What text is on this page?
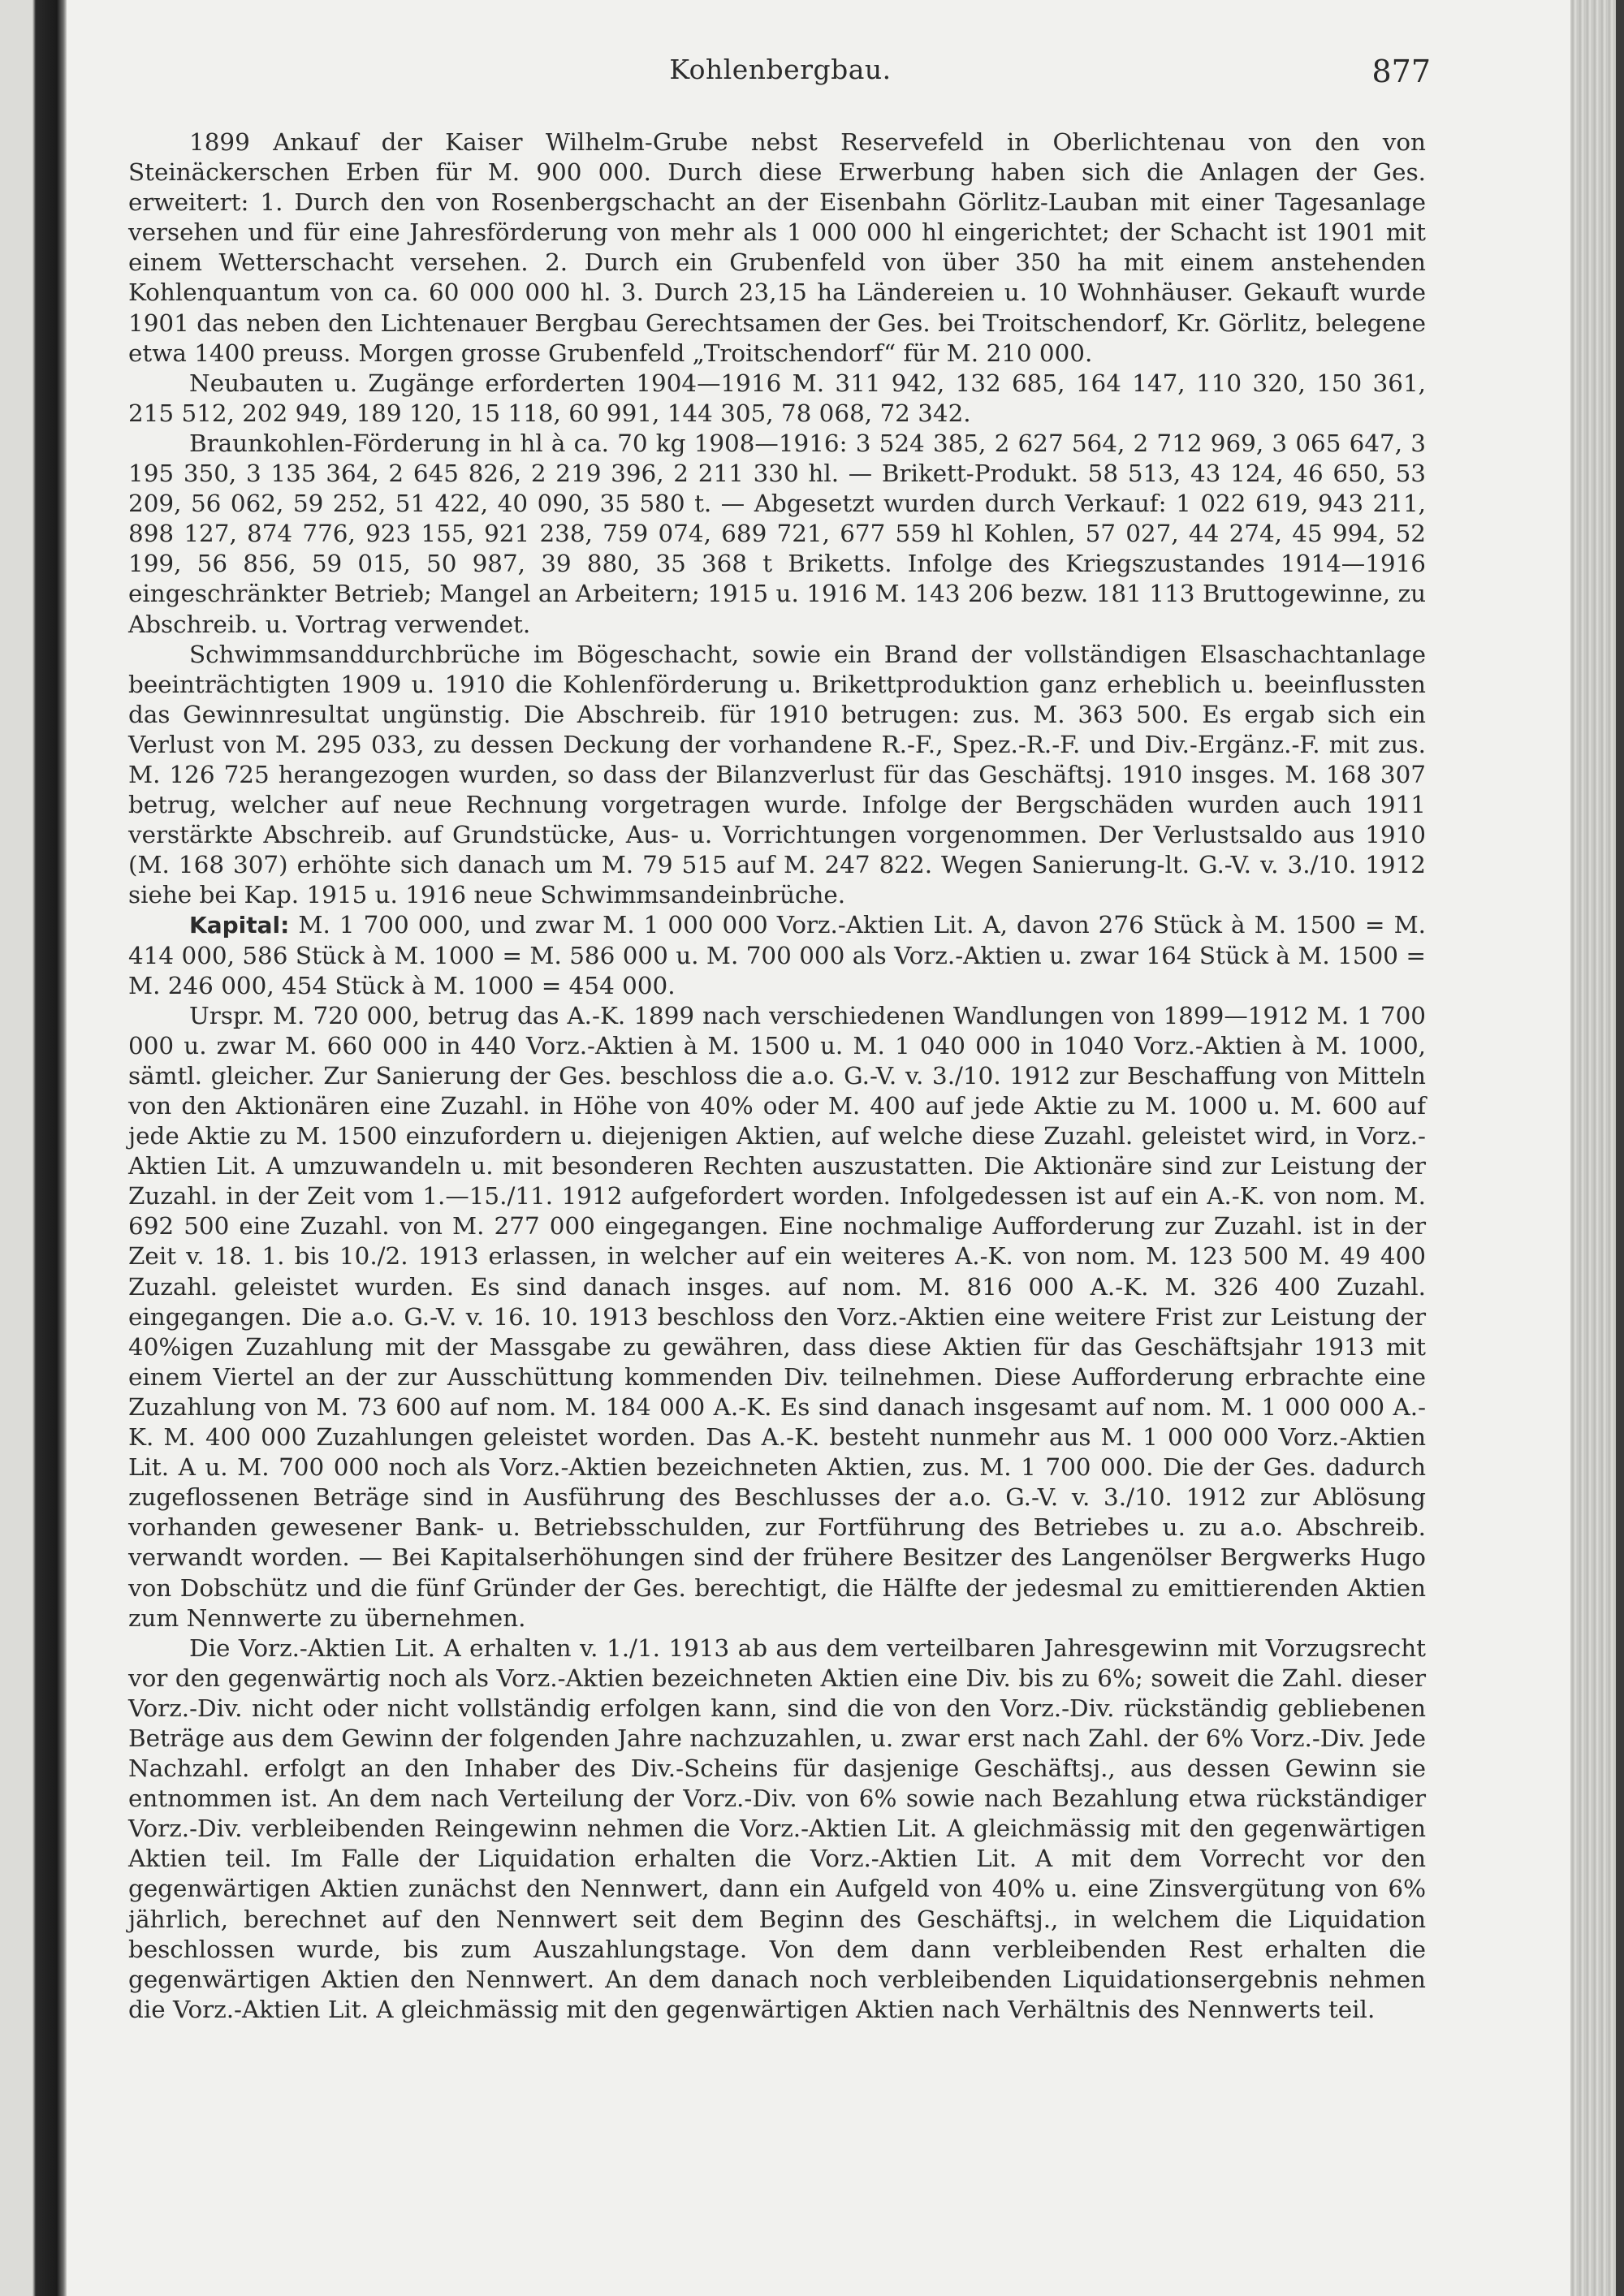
Kohlenbergbau.	877

1899 Ankauf der Kaiser Wilhelm-Grube nebst Reservefeld in Oberlichtenau von den von Steinäckerschen Erben für M. 900 000. Durch diese Erwerbung haben sich die Anlagen der Ges. erweitert: 1. Durch den von Rosenbergschacht an der Eisenbahn Görlitz-Lauban mit einer Tagesanlage versehen und für eine Jahresförderung von mehr als 1 000 000 hl eingerichtet; der Schacht ist 1901 mit einem Wetterschacht versehen. 2. Durch ein Grubenfeld von über 350 ha mit einem anstehenden Kohlenquantum von ca. 60 000 000 hl. 3. Durch 23,15 ha Ländereien u. 10 Wohnhäuser. Gekauft wurde 1901 das neben den Lichtenauer Bergbau Gerechtsamen der Ges. bei Troitschendorf, Kr. Görlitz, belegene etwa 1400 preuss. Morgen grosse Grubenfeld „Troitschendorf“ für M. 210 000.

Neubauten u. Zugänge erforderten 1904—1916 M. 311 942, 132 685, 164 147, 110 320, 150 361, 215 512, 202 949, 189 120, 15 118, 60 991, 144 305, 78 068, 72 342.

Braunkohlen-Förderung in hl à ca. 70 kg 1908—1916: 3 524 385, 2 627 564, 2 712 969, 3 065 647, 3 195 350, 3 135 364, 2 645 826, 2 219 396, 2 211 330 hl. — Brikett-Produkt. 58 513, 43 124, 46 650, 53 209, 56 062, 59 252, 51 422, 40 090, 35 580 t. — Abgesetzt wurden durch Verkauf: 1 022 619, 943 211, 898 127, 874 776, 923 155, 921 238, 759 074, 689 721, 677 559 hl Kohlen, 57 027, 44 274, 45 994, 52 199, 56 856, 59 015, 50 987, 39 880, 35 368 t Briketts. Infolge des Kriegszustandes 1914—1916 eingeschränkter Betrieb; Mangel an Arbeitern; 1915 u. 1916 M. 143 206 bezw. 181 113 Bruttogewinne, zu Abschreib. u. Vortrag verwendet.

Schwimmsanddurchbrüche im Bögeschacht, sowie ein Brand der vollständigen Elsaschachtanlage beeinträchtigten 1909 u. 1910 die Kohlenförderung u. Brikettproduktion ganz erheblich u. beeinflussten das Gewinnresultat ungünstig. Die Abschreib. für 1910 betrugen: zus. M. 363 500. Es ergab sich ein Verlust von M. 295 033, zu dessen Deckung der vorhandene R.-F., Spez.-R.-F. und Div.-Ergänz.-F. mit zus. M. 126 725 herangezogen wurden, so dass der Bilanzverlust für das Geschäftsj. 1910 insges. M. 168 307 betrug, welcher auf neue Rechnung vorgetragen wurde. Infolge der Bergschäden wurden auch 1911 verstärkte Abschreib. auf Grundstücke, Aus- u. Vorrichtungen vorgenommen. Der Verlustsaldo aus 1910 (M. 168 307) erhöhte sich danach um M. 79 515 auf M. 247 822. Wegen Sanierung-lt. G.-V. v. 3./10. 1912 siehe bei Kap. 1915 u. 1916 neue Schwimmsandeinbrüche.

Kapital: M. 1 700 000, und zwar M. 1 000 000 Vorz.-Aktien Lit. A, davon 276 Stück à M. 1500 = M. 414 000, 586 Stück à M. 1000 = M. 586 000 u. M. 700 000 als Vorz.-Aktien u. zwar 164 Stück à M. 1500 = M. 246 000, 454 Stück à M. 1000 = 454 000.

Urspr. M. 720 000, betrug das A.-K. 1899 nach verschiedenen Wandlungen von 1899—1912 M. 1 700 000 u. zwar M. 660 000 in 440 Vorz.-Aktien à M. 1500 u. M. 1 040 000 in 1040 Vorz.-Aktien à M. 1000, sämtl. gleicher. Zur Sanierung der Ges. beschloss die a.o. G.-V. v. 3./10. 1912 zur Beschaffung von Mitteln von den Aktionären eine Zuzahl. in Höhe von 40% oder M. 400 auf jede Aktie zu M. 1000 u. M. 600 auf jede Aktie zu M. 1500 einzufordern u. diejenigen Aktien, auf welche diese Zuzahl. geleistet wird, in Vorz.-Aktien Lit. A umzuwandeln u. mit besonderen Rechten auszustatten. Die Aktionäre sind zur Leistung der Zuzahl. in der Zeit vom 1.—15./11. 1912 aufgefordert worden. Infolgedessen ist auf ein A.-K. von nom. M. 692 500 eine Zuzahl. von M. 277 000 eingegangen. Eine nochmalige Aufforderung zur Zuzahl. ist in der Zeit v. 18. 1. bis 10./2. 1913 erlassen, in welcher auf ein weiteres A.-K. von nom. M. 123 500 M. 49 400 Zuzahl. geleistet wurden. Es sind danach insges. auf nom. M. 816 000 A.-K. M. 326 400 Zuzahl. eingegangen. Die a.o. G.-V. v. 16. 10. 1913 beschloss den Vorz.-Aktien eine weitere Frist zur Leistung der 40%igen Zuzahlung mit der Massgabe zu gewähren, dass diese Aktien für das Geschäftsjahr 1913 mit einem Viertel an der zur Ausschüttung kommenden Div. teilnehmen. Diese Aufforderung erbrachte eine Zuzahlung von M. 73 600 auf nom. M. 184 000 A.-K. Es sind danach insgesamt auf nom. M. 1 000 000 A.-K. M. 400 000 Zuzahlungen geleistet worden. Das A.-K. besteht nunmehr aus M. 1 000 000 Vorz.-Aktien Lit. A u. M. 700 000 noch als Vorz.-Aktien bezeichneten Aktien, zus. M. 1 700 000. Die der Ges. dadurch zugeflossenen Beträge sind in Ausführung des Beschlusses der a.o. G.-V. v. 3./10. 1912 zur Ablösung vorhanden gewesener Bank- u. Betriebsschulden, zur Fortführung des Betriebes u. zu a.o. Abschreib. verwandt worden. — Bei Kapitalserhöhungen sind der frühere Besitzer des Langenölser Bergwerks Hugo von Dobschütz und die fünf Gründer der Ges. berechtigt, die Hälfte der jedesmal zu emittierenden Aktien zum Nennwerte zu übernehmen.

Die Vorz.-Aktien Lit. A erhalten v. 1./1. 1913 ab aus dem verteilbaren Jahresgewinn mit Vorzugsrecht vor den gegenwärtig noch als Vorz.-Aktien bezeichneten Aktien eine Div. bis zu 6%; soweit die Zahl. dieser Vorz.-Div. nicht oder nicht vollständig erfolgen kann, sind die von den Vorz.-Div. rückständig gebliebenen Beträge aus dem Gewinn der folgenden Jahre nachzuzahlen, u. zwar erst nach Zahl. der 6% Vorz.-Div. Jede Nachzahl. erfolgt an den Inhaber des Div.-Scheins für dasjenige Geschäftsj., aus dessen Gewinn sie entnommen ist. An dem nach Verteilung der Vorz.-Div. von 6% sowie nach Bezahlung etwa rückständiger Vorz.-Div. verbleibenden Reingewinn nehmen die Vorz.-Aktien Lit. A gleichmässig mit den gegenwärtigen Aktien teil. Im Falle der Liquidation erhalten die Vorz.-Aktien Lit. A mit dem Vorrecht vor den gegenwärtigen Aktien zunächst den Nennwert, dann ein Aufgeld von 40% u. eine Zinsvergütung von 6% jährlich, berechnet auf den Nennwert seit dem Beginn des Geschäftsj., in welchem die Liquidation beschlossen wurde, bis zum Auszahlungstage. Von dem dann verbleibenden Rest erhalten die gegenwärtigen Aktien den Nennwert. An dem danach noch verbleibenden Liquidationsergebnis nehmen die Vorz.-Aktien Lit. A gleichmässig mit den gegenwärtigen Aktien nach Verhältnis des Nennwerts teil.
